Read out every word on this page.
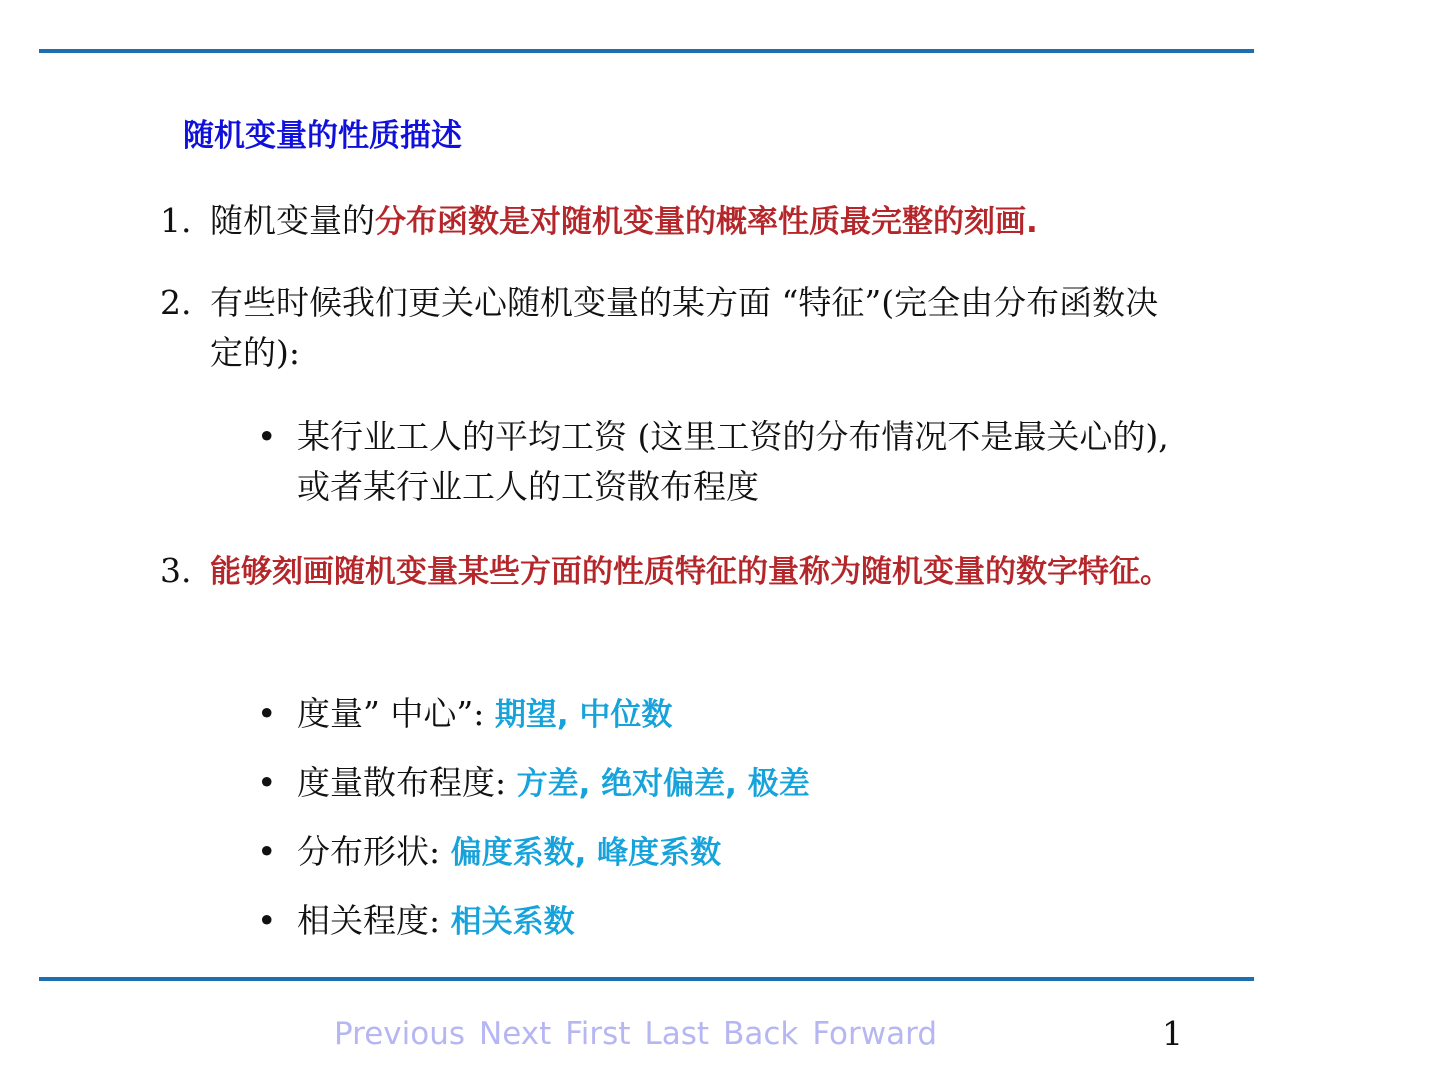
随机变量的性质描述
1. 随机变量的分布函数是对随机变量的概率性质最完整的刻画.
2. 有些时候我们更关心随机变量的某方面 “特征”(完全由分布函数决定的):
• 某行业工人的平均工资 (这里工资的分布情况不是最关心的), 或者某行业工人的工资散布程度
3. 能够刻画随机变量某些方面的性质特征的量称为随机变量的数字特征。
• 度量” 中心”: 期望, 中位数
• 度量散布程度: 方差, 绝对偏差, 极差
• 分布形状: 偏度系数, 峰度系数
• 相关程度: 相关系数
Previous Next First Last Back Forward	1
